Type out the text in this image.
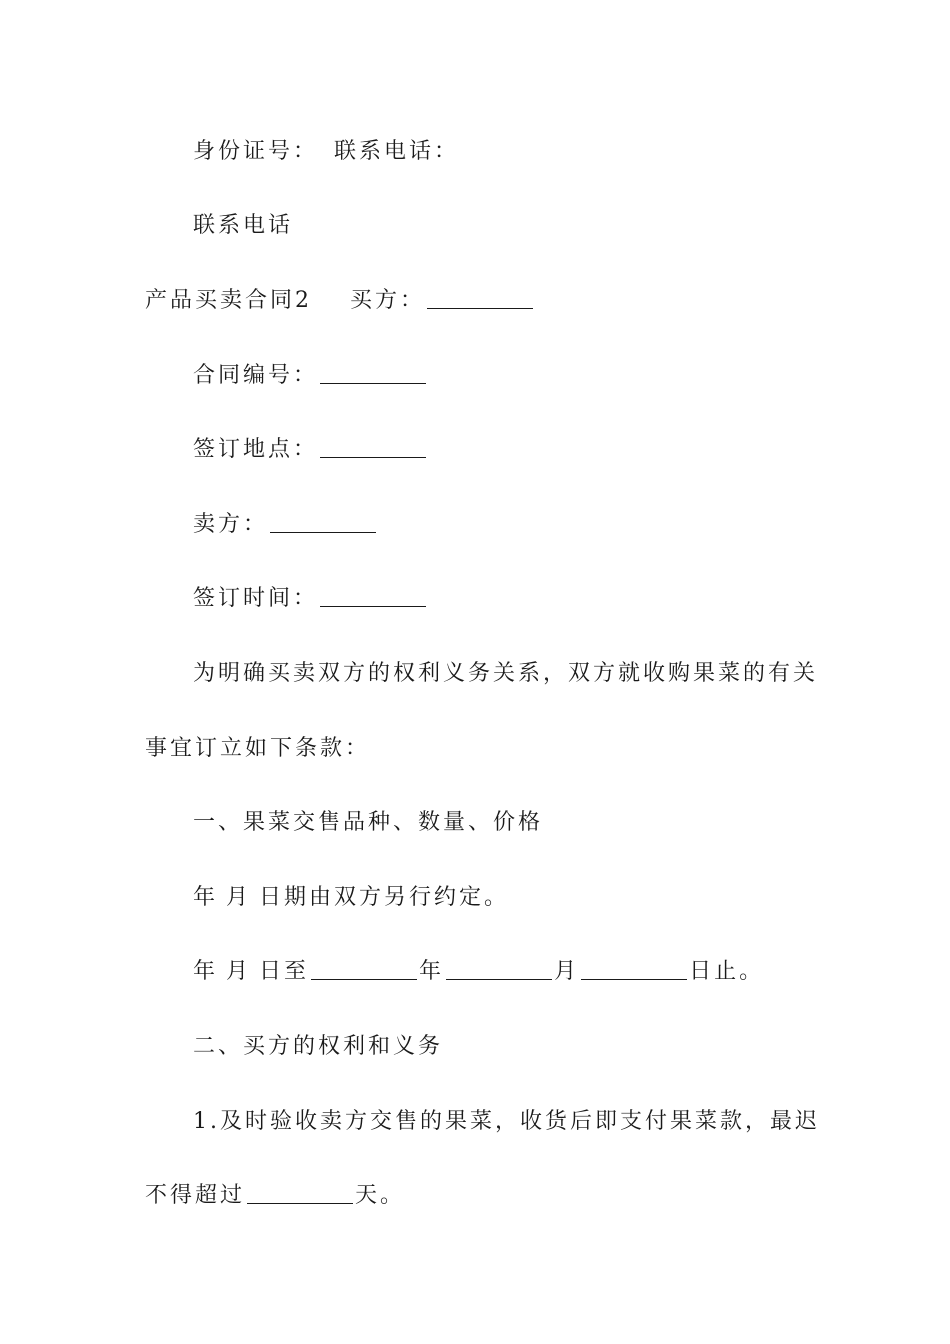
身份证号： 联系电话：
联系电话
产品买卖合同2 买方：
合同编号：
签订地点：
卖方：
签订时间：
为明确买卖双方的权利义务关系，双方就收购果菜的有关
事宜订立如下条款：
一、果菜交售品种、数量、价格
年 月 日期由双方另行约定。
年 月 日至	年	月	日止。
二、买方的权利和义务
1.及时验收卖方交售的果菜，收货后即支付果菜款，最迟
不得超过	天。
